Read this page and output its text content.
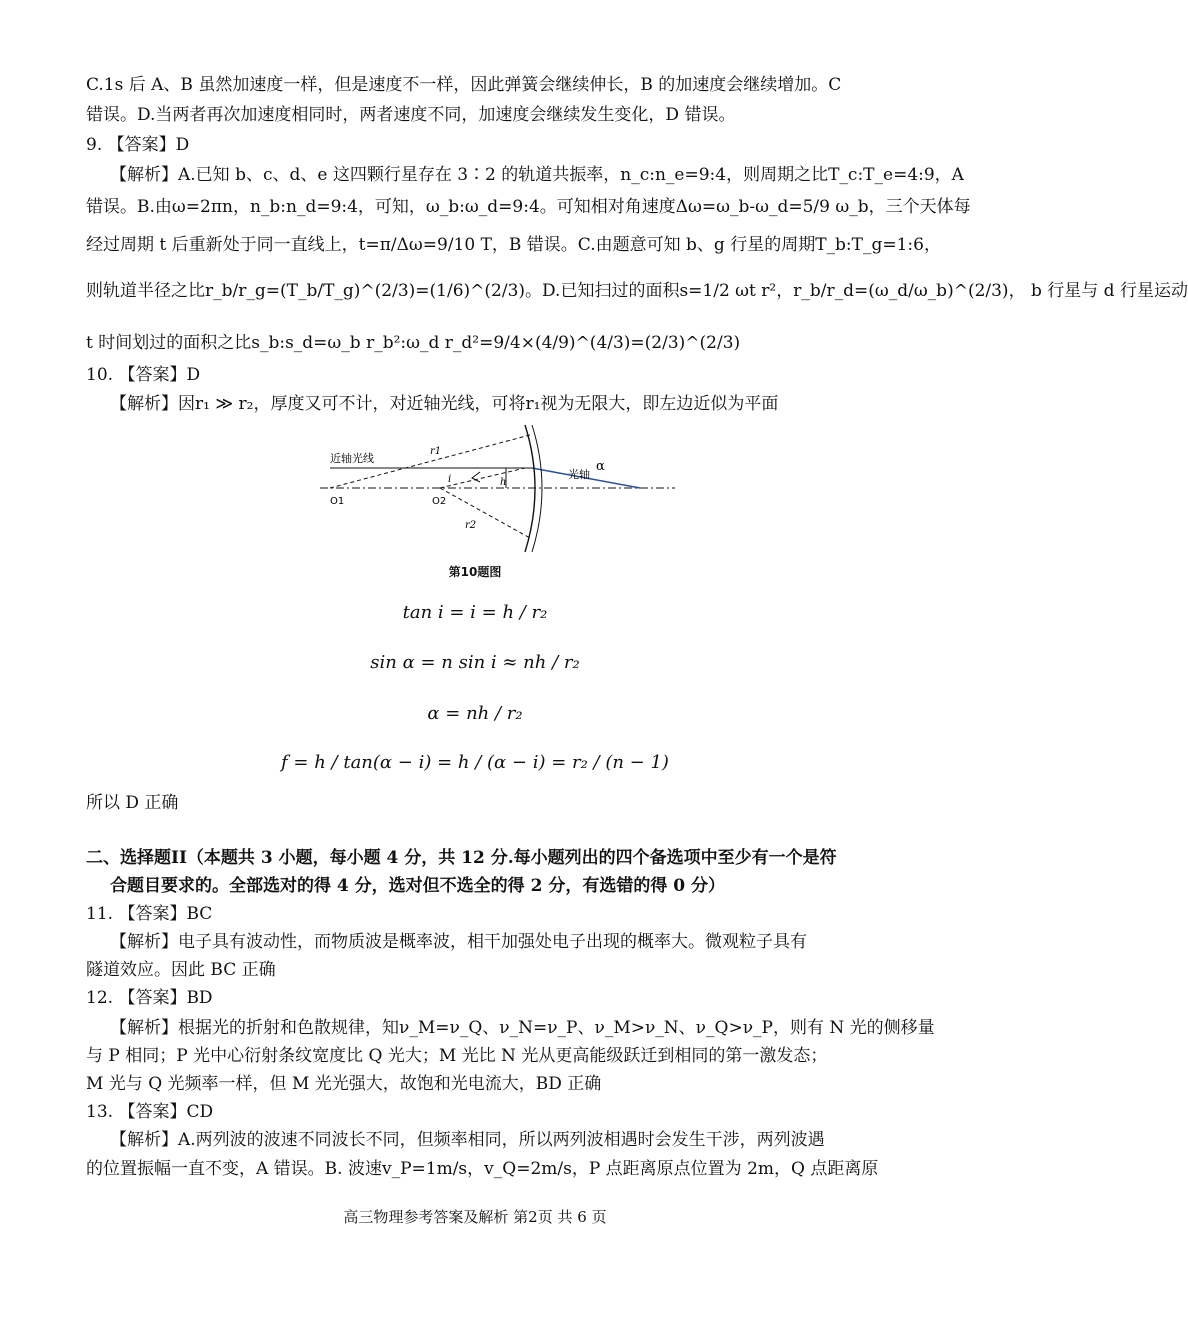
C.1s 后 A、B 虽然加速度一样，但是速度不一样，因此弹簧会继续伸长，B 的加速度会继续增加。C
错误。D.当两者再次加速度相同时，两者速度不同，加速度会继续发生变化，D 错误。
9. 【答案】D
【解析】A.已知 b、c、d、e 这四颗行星存在 3∶2 的轨道共振率，n_c:n_e=9:4，则周期之比T_c:T_e=4:9，A
错误。B.由ω=2πn，n_b:n_d=9:4，可知，ω_b:ω_d=9:4。可知相对角速度Δω=ω_b-ω_d=5/9 ω_b，三个天体每
经过周期 t 后重新处于同一直线上，t=π/Δω=9/10 T，B 错误。C.由题意可知 b、g 行星的周期T_b:T_g=1:6，
则轨道半径之比r_b/r_g=(T_b/T_g)^(2/3)=(1/6)^(2/3)。D.已知扫过的面积s=1/2 ωt r²，r_b/r_d=(ω_d/ω_b)^(2/3)， b 行星与 d 行星运动
t 时间划过的面积之比s_b:s_d=ω_b r_b²:ω_d r_d²=9/4×(4/9)^(4/3)=(2/3)^(2/3)
10. 【答案】D
【解析】因r₁ ≫ r₂，厚度又可不计，对近轴光线，可将r₁视为无限大，即左边近似为平面
近轴光线
r1
r2
i	h
O1	O2
光轴
α
第10题图
tan i = i = h / r₂
sin α = n sin i ≈ nh / r₂
α = nh / r₂
f = h / tan(α − i) = h / (α − i) = r₂ / (n − 1)
所以 D 正确
二、选择题II（本题共 3 小题，每小题 4 分，共 12 分.每小题列出的四个备选项中至少有一个是符
合题目要求的。全部选对的得 4 分，选对但不选全的得 2 分，有选错的得 0 分）
11. 【答案】BC
【解析】电子具有波动性，而物质波是概率波，相干加强处电子出现的概率大。微观粒子具有
隧道效应。因此 BC 正确
12. 【答案】BD
【解析】根据光的折射和色散规律，知ν_M=ν_Q、ν_N=ν_P、ν_M>ν_N、ν_Q>ν_P，则有 N 光的侧移量
与 P 相同；P 光中心衍射条纹宽度比 Q 光大；M 光比 N 光从更高能级跃迁到相同的第一激发态；
M 光与 Q 光频率一样，但 M 光光强大，故饱和光电流大，BD 正确
13. 【答案】CD
【解析】A.两列波的波速不同波长不同，但频率相同，所以两列波相遇时会发生干涉，两列波遇
的位置振幅一直不变，A 错误。B. 波速v_P=1m/s，v_Q=2m/s，P 点距离原点位置为 2m，Q 点距离原
高三物理参考答案及解析 第2页 共 6 页
